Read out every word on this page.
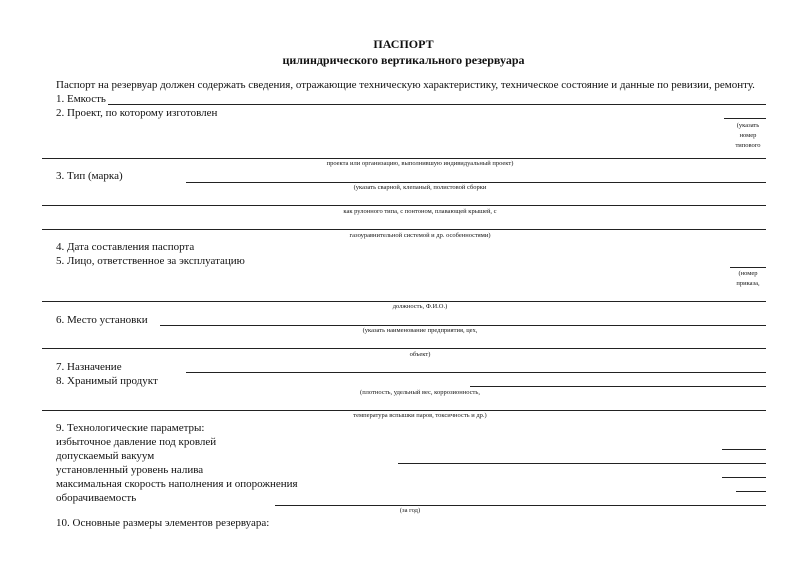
ПАСПОРТ
цилиндрического вертикального резервуара
Паспорт на резервуар должен содержать сведения, отражающие техническую характеристику, техническое состояние и данные по ревизии, ремонту.
1. Емкость
2. Проект, по которому изготовлен
(указать
номер
типового
проекта или организацию, выполнившую индивидуальный проект)
3. Тип (марка)
(указать сварной, клепаный, полистовой сборки
как рулонного типа, с понтоном, плавающей крышей, с
газоуравнительной системой и др. особенностями)
4. Дата составления паспорта
5. Лицо, ответственное за эксплуатацию
(номер
приказа,
должность, Ф.И.О.)
6. Место установки
(указать наименование предприятия, цех,
объект)
7. Назначение
8. Хранимый продукт
(плотность, удельный вес, коррозионность,
температура вспышки паров, токсичность и др.)
9. Технологические параметры:
избыточное давление под кровлей
допускаемый вакуум
установленный уровень налива
максимальная скорость наполнения и опорожнения
оборачиваемость
(за год)
10. Основные размеры элементов резервуара:
